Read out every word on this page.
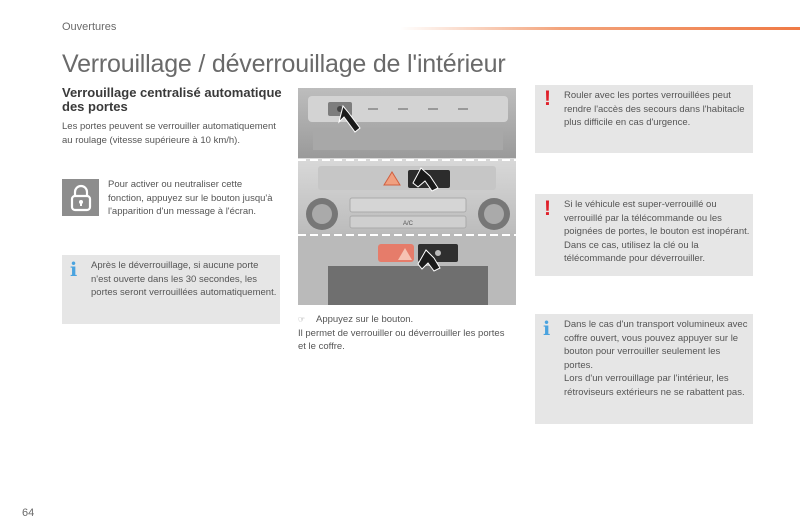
Ouvertures
Verrouillage / déverrouillage de l'intérieur
Verrouillage centralisé automatique des portes
Les portes peuvent se verrouiller automatiquement au roulage (vitesse supérieure à 10 km/h).
Pour activer ou neutraliser cette fonction, appuyez sur le bouton jusqu'à l'apparition d'un message à l'écran.
i Après le déverrouillage, si aucune porte n'est ouverte dans les 30 secondes, les portes seront verrouillées automatiquement.
A/C
☞ Appuyez sur le bouton.
Il permet de verrouiller ou déverrouiller les portes et le coffre.
! Rouler avec les portes verrouillées peut rendre l'accès des secours dans l'habitacle plus difficile en cas d'urgence.
! Si le véhicule est super-verrouillé ou verrouillé par la télécommande ou les poignées de portes, le bouton est inopérant. Dans ce cas, utilisez la clé ou la télécommande pour déverrouiller.
i Dans le cas d'un transport volumineux avec coffre ouvert, vous pouvez appuyer sur le bouton pour verrouiller seulement les portes.
Lors d'un verrouillage par l'intérieur, les rétroviseurs extérieurs ne se rabattent pas.
64
